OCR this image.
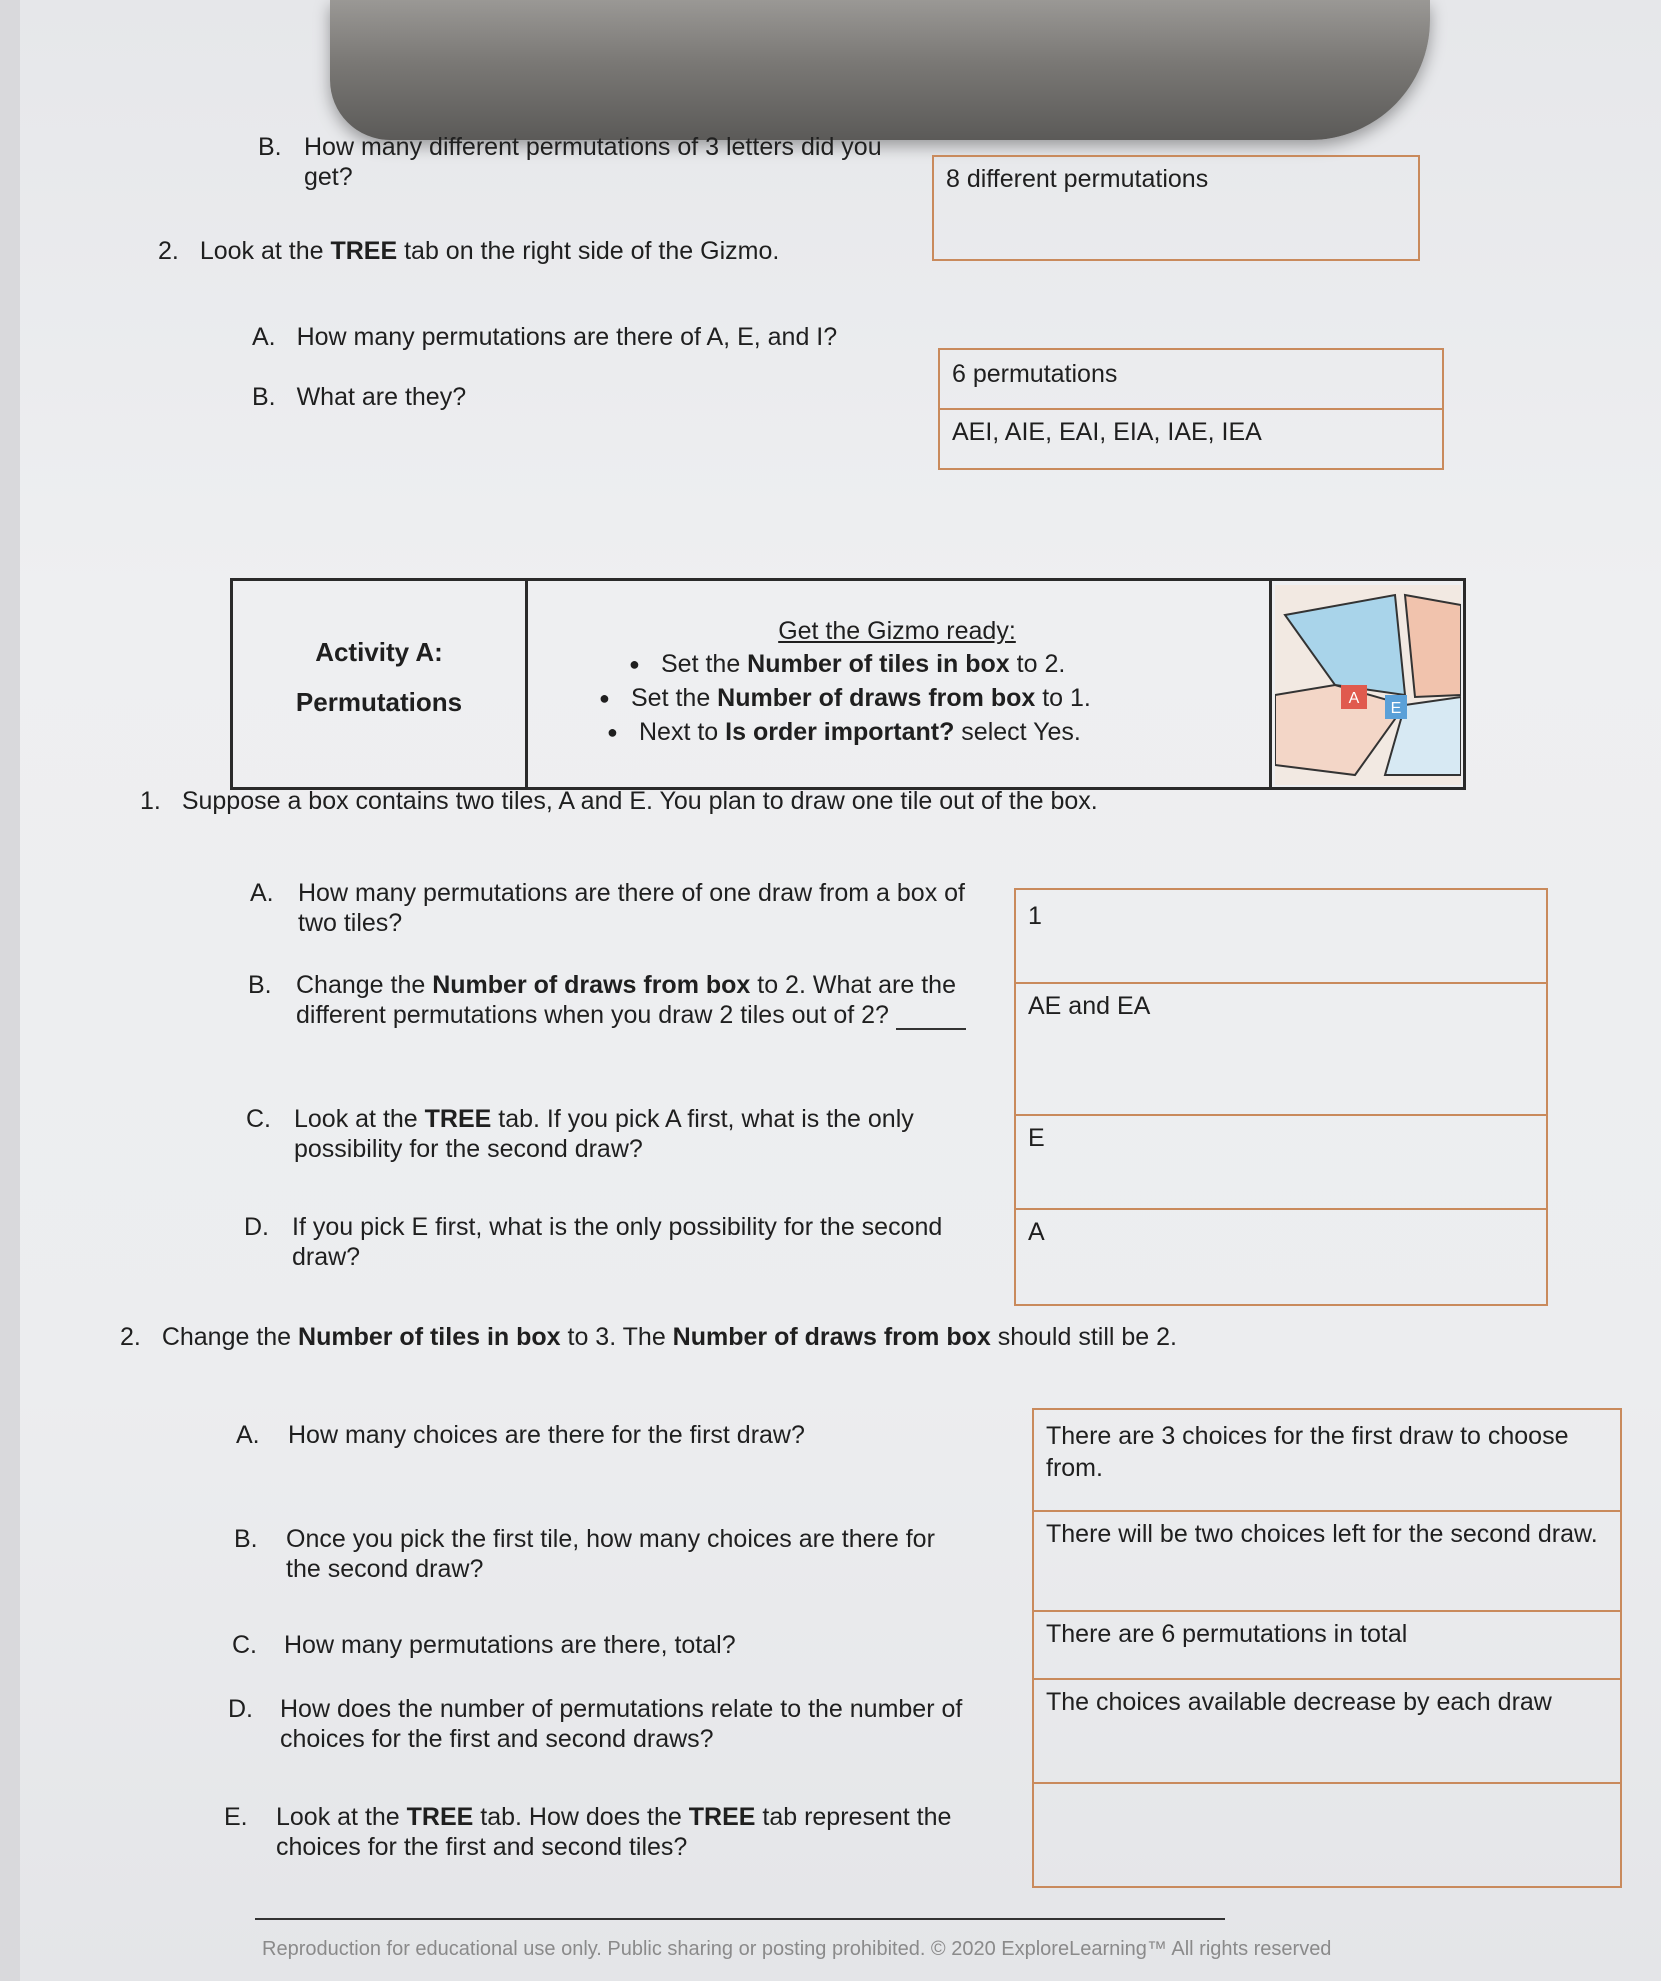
B. How many different permutations of 3 letters did you get?	8 different permutations
2. Look at the TREE tab on the right side of the Gizmo.
A. How many permutations are there of A, E, and I?
B. What are they?
6 permutations
AEI, AIE, EAI, EIA, IAE, IEA
Activity A:
Permutations
Get the Gizmo ready:
● Set the Number of tiles in box to 2.
● Set the Number of draws from box to 1.
● Next to Is order important? select Yes.
A
E
1. Suppose a box contains two tiles, A and E. You plan to draw one tile out of the box.
A. How many permutations are there of one draw from a box of two tiles?
B. Change the Number of draws from box to 2. What are the different permutations when you draw 2 tiles out of 2?
C. Look at the TREE tab. If you pick A first, what is the only possibility for the second draw?
D. If you pick E first, what is the only possibility for the second draw?
1
AE and EA
E
A
2. Change the Number of tiles in box to 3. The Number of draws from box should still be 2.
A. How many choices are there for the first draw?
B. Once you pick the first tile, how many choices are there for the second draw?
C. How many permutations are there, total?
D. How does the number of permutations relate to the number of choices for the first and second draws?
E. Look at the TREE tab. How does the TREE tab represent the choices for the first and second tiles?
There are 3 choices for the first draw to choose from.
There will be two choices left for the second draw.
There are 6 permutations in total
The choices available decrease by each draw
Reproduction for educational use only. Public sharing or posting prohibited. © 2020 ExploreLearning™ All rights reserved
